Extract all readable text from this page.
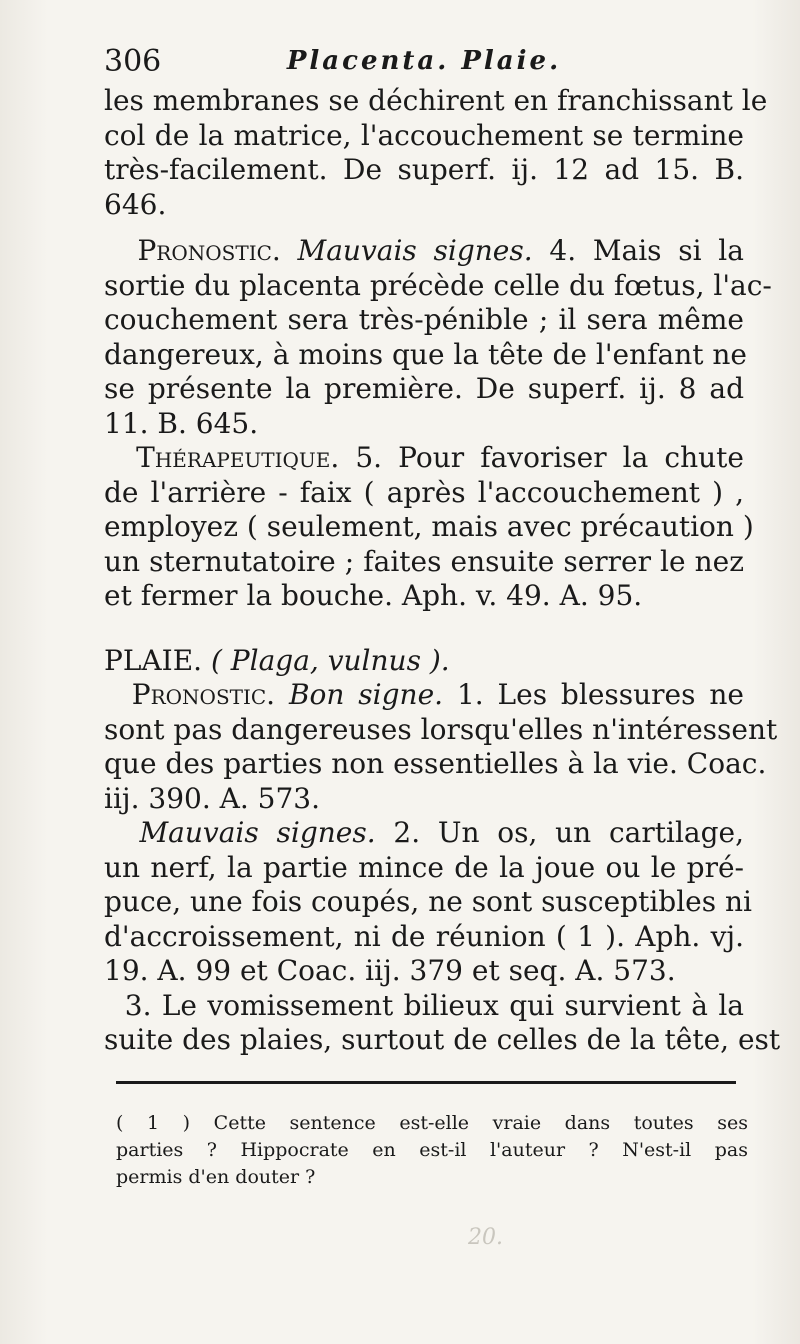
306	Placenta. Plaie.
les membranes se déchirent en franchissant le
col de la matrice, l'accouchement se termine
très-facilement. De superf. ij. 12 ad 15. B.
646.
Pronostic. Mauvais signes. 4. Mais si la
sortie du placenta précède celle du fœtus, l'ac-
couchement sera très-pénible ; il sera même
dangereux, à moins que la tête de l'enfant ne
se présente la première. De superf. ij. 8 ad
11. B. 645.
Thérapeutique. 5. Pour favoriser la chute
de l'arrière - faix ( après l'accouchement ) ,
employez ( seulement, mais avec précaution )
un sternutatoire ; faites ensuite serrer le nez
et fermer la bouche. Aph. v. 49. A. 95.
PLAIE. ( Plaga, vulnus ).
Pronostic. Bon signe. 1. Les blessures ne
sont pas dangereuses lorsqu'elles n'intéressent
que des parties non essentielles à la vie. Coac.
iij. 390. A. 573.
Mauvais signes. 2. Un os, un cartilage,
un nerf, la partie mince de la joue ou le pré-
puce, une fois coupés, ne sont susceptibles ni
d'accroissement, ni de réunion ( 1 ). Aph. vj.
19. A. 99 et Coac. iij. 379 et seq. A. 573.
3. Le vomissement bilieux qui survient à la
suite des plaies, surtout de celles de la tête, est
( 1 ) Cette sentence est-elle vraie dans toutes ses
parties ? Hippocrate en est-il l'auteur ? N'est-il pas
permis d'en douter ?
20.
